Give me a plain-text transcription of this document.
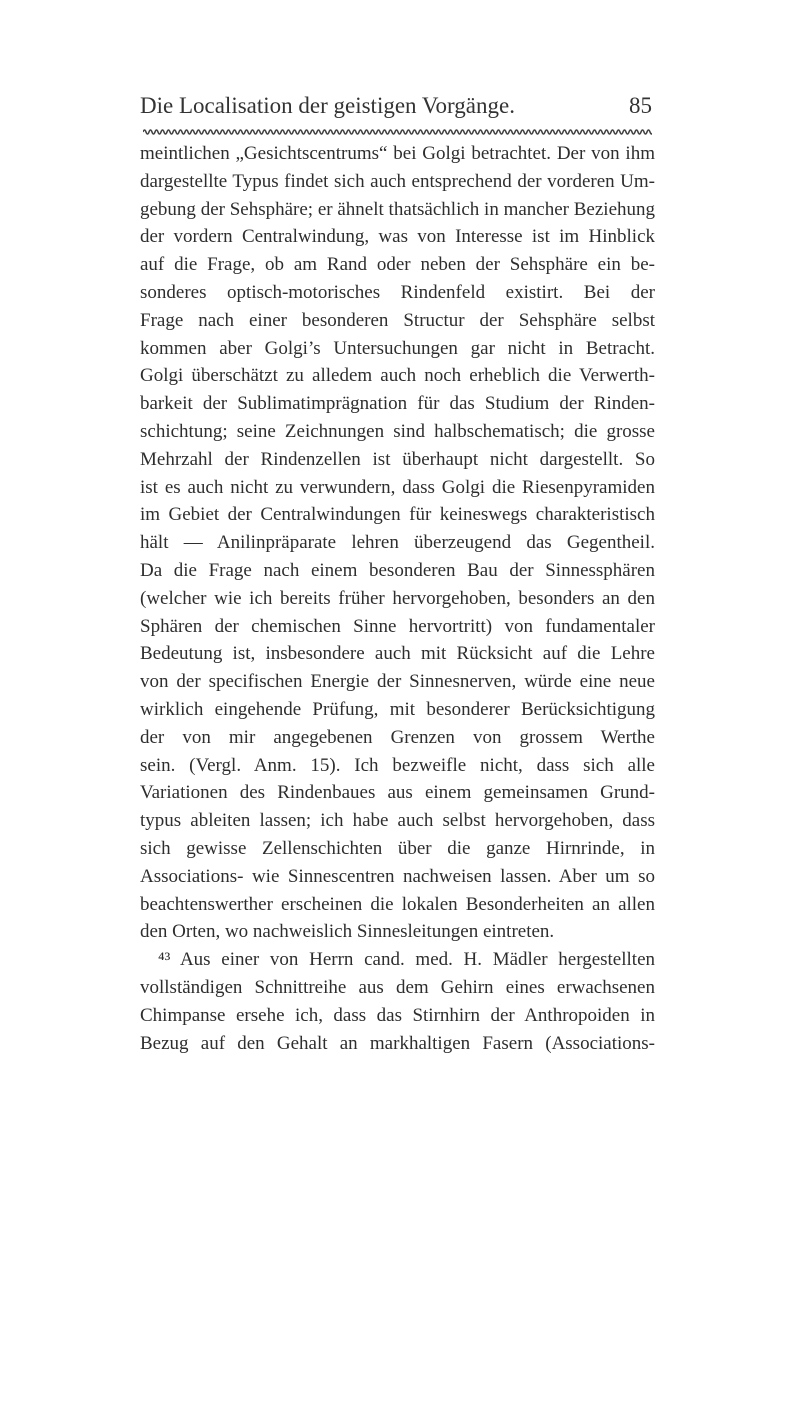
Die Localisation der geistigen Vorgänge.	85
meintlichen „Gesichtscentrums“ bei Golgi betrachtet. Der von ihm
dargestellte Typus findet sich auch entsprechend der vorderen Um-
gebung der Sehsphäre; er ähnelt thatsächlich in mancher Beziehung
der vordern Centralwindung, was von Interesse ist im Hinblick
auf die Frage, ob am Rand oder neben der Sehsphäre ein be-
sonderes optisch-motorisches Rindenfeld existirt. Bei der
Frage nach einer besonderen Structur der Sehsphäre selbst
kommen aber Golgi’s Untersuchungen gar nicht in Betracht.
Golgi überschätzt zu alledem auch noch erheblich die Verwerth-
barkeit der Sublimatimprägnation für das Studium der Rinden-
schichtung; seine Zeichnungen sind halbschematisch; die grosse
Mehrzahl der Rindenzellen ist überhaupt nicht dargestellt. So
ist es auch nicht zu verwundern, dass Golgi die Riesenpyramiden
im Gebiet der Centralwindungen für keineswegs charakteristisch
hält — Anilinpräparate lehren überzeugend das Gegentheil.
Da die Frage nach einem besonderen Bau der Sinnessphären
(welcher wie ich bereits früher hervorgehoben, besonders an den
Sphären der chemischen Sinne hervortritt) von fundamentaler
Bedeutung ist, insbesondere auch mit Rücksicht auf die Lehre
von der specifischen Energie der Sinnesnerven, würde eine neue
wirklich eingehende Prüfung, mit besonderer Berücksichtigung
der von mir angegebenen Grenzen von grossem Werthe
sein. (Vergl. Anm. 15). Ich bezweifle nicht, dass sich alle
Variationen des Rindenbaues aus einem gemeinsamen Grund-
typus ableiten lassen; ich habe auch selbst hervorgehoben, dass
sich gewisse Zellenschichten über die ganze Hirnrinde, in
Associations- wie Sinnescentren nachweisen lassen. Aber um so
beachtenswerther erscheinen die lokalen Besonderheiten an allen
den Orten, wo nachweislich Sinnesleitungen eintreten.
⁴³ Aus einer von Herrn cand. med. H. Mädler hergestellten
vollständigen Schnittreihe aus dem Gehirn eines erwachsenen
Chimpanse ersehe ich, dass das Stirnhirn der Anthropoiden in
Bezug auf den Gehalt an markhaltigen Fasern (Associations-
